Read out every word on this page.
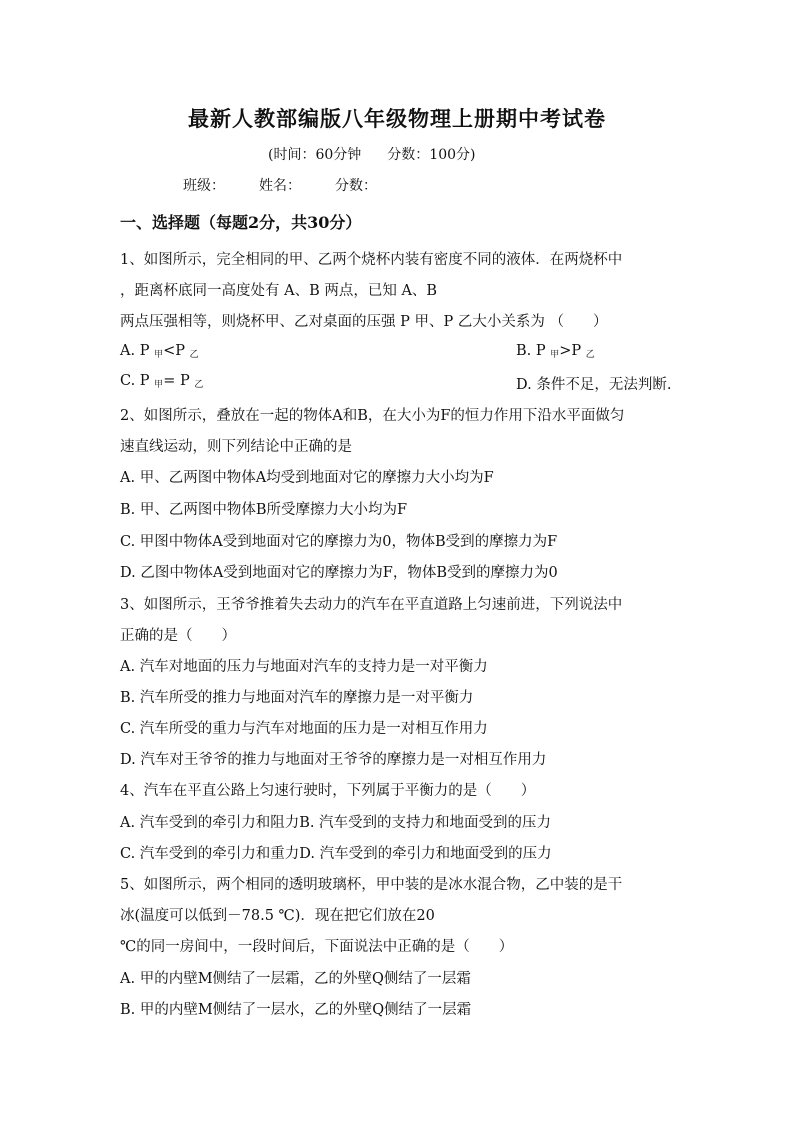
最新人教部编版八年级物理上册期中考试卷
(时间：60分钟 分数：100分)
班级： 姓名： 分数：
一、选择题（每题2分，共30分）
1、如图所示，完全相同的甲、乙两个烧杯内装有密度不同的液体．在两烧杯中
，距离杯底同一高度处有 A、B 两点，已知 A、B
两点压强相等，则烧杯甲、乙对桌面的压强 P 甲、P 乙大小关系为 （　　）
A. P $_甲$<P $_乙$	B. P $_甲$>P $_乙$
C. P $_甲$= P $_乙$	D. 条件不足，无法判断.
2、如图所示，叠放在一起的物体A和B，在大小为F的恒力作用下沿水平面做匀
速直线运动，则下列结论中正确的是
A. 甲、乙两图中物体A均受到地面对它的摩擦力大小均为F
B. 甲、乙两图中物体B所受摩擦力大小均为F
C. 甲图中物体A受到地面对它的摩擦力为0，物体B受到的摩擦力为F
D. 乙图中物体A受到地面对它的摩擦力为F，物体B受到的摩擦力为0
3、如图所示，王爷爷推着失去动力的汽车在平直道路上匀速前进，下列说法中
正确的是（　　）
A. 汽车对地面的压力与地面对汽车的支持力是一对平衡力
B. 汽车所受的推力与地面对汽车的摩擦力是一对平衡力
C. 汽车所受的重力与汽车对地面的压力是一对相互作用力
D. 汽车对王爷爷的推力与地面对王爷爷的摩擦力是一对相互作用力
4、汽车在平直公路上匀速行驶时，下列属于平衡力的是（　　）
A. 汽车受到的牵引力和阻力B. 汽车受到的支持力和地面受到的压力
C. 汽车受到的牵引力和重力D. 汽车受到的牵引力和地面受到的压力
5、如图所示，两个相同的透明玻璃杯，甲中装的是冰水混合物，乙中装的是干
冰(温度可以低到－78.5 ℃)．现在把它们放在20
℃的同一房间中，一段时间后，下面说法中正确的是（　　）
A. 甲的内壁M侧结了一层霜，乙的外壁Q侧结了一层霜
B. 甲的内壁M侧结了一层水，乙的外壁Q侧结了一层霜
